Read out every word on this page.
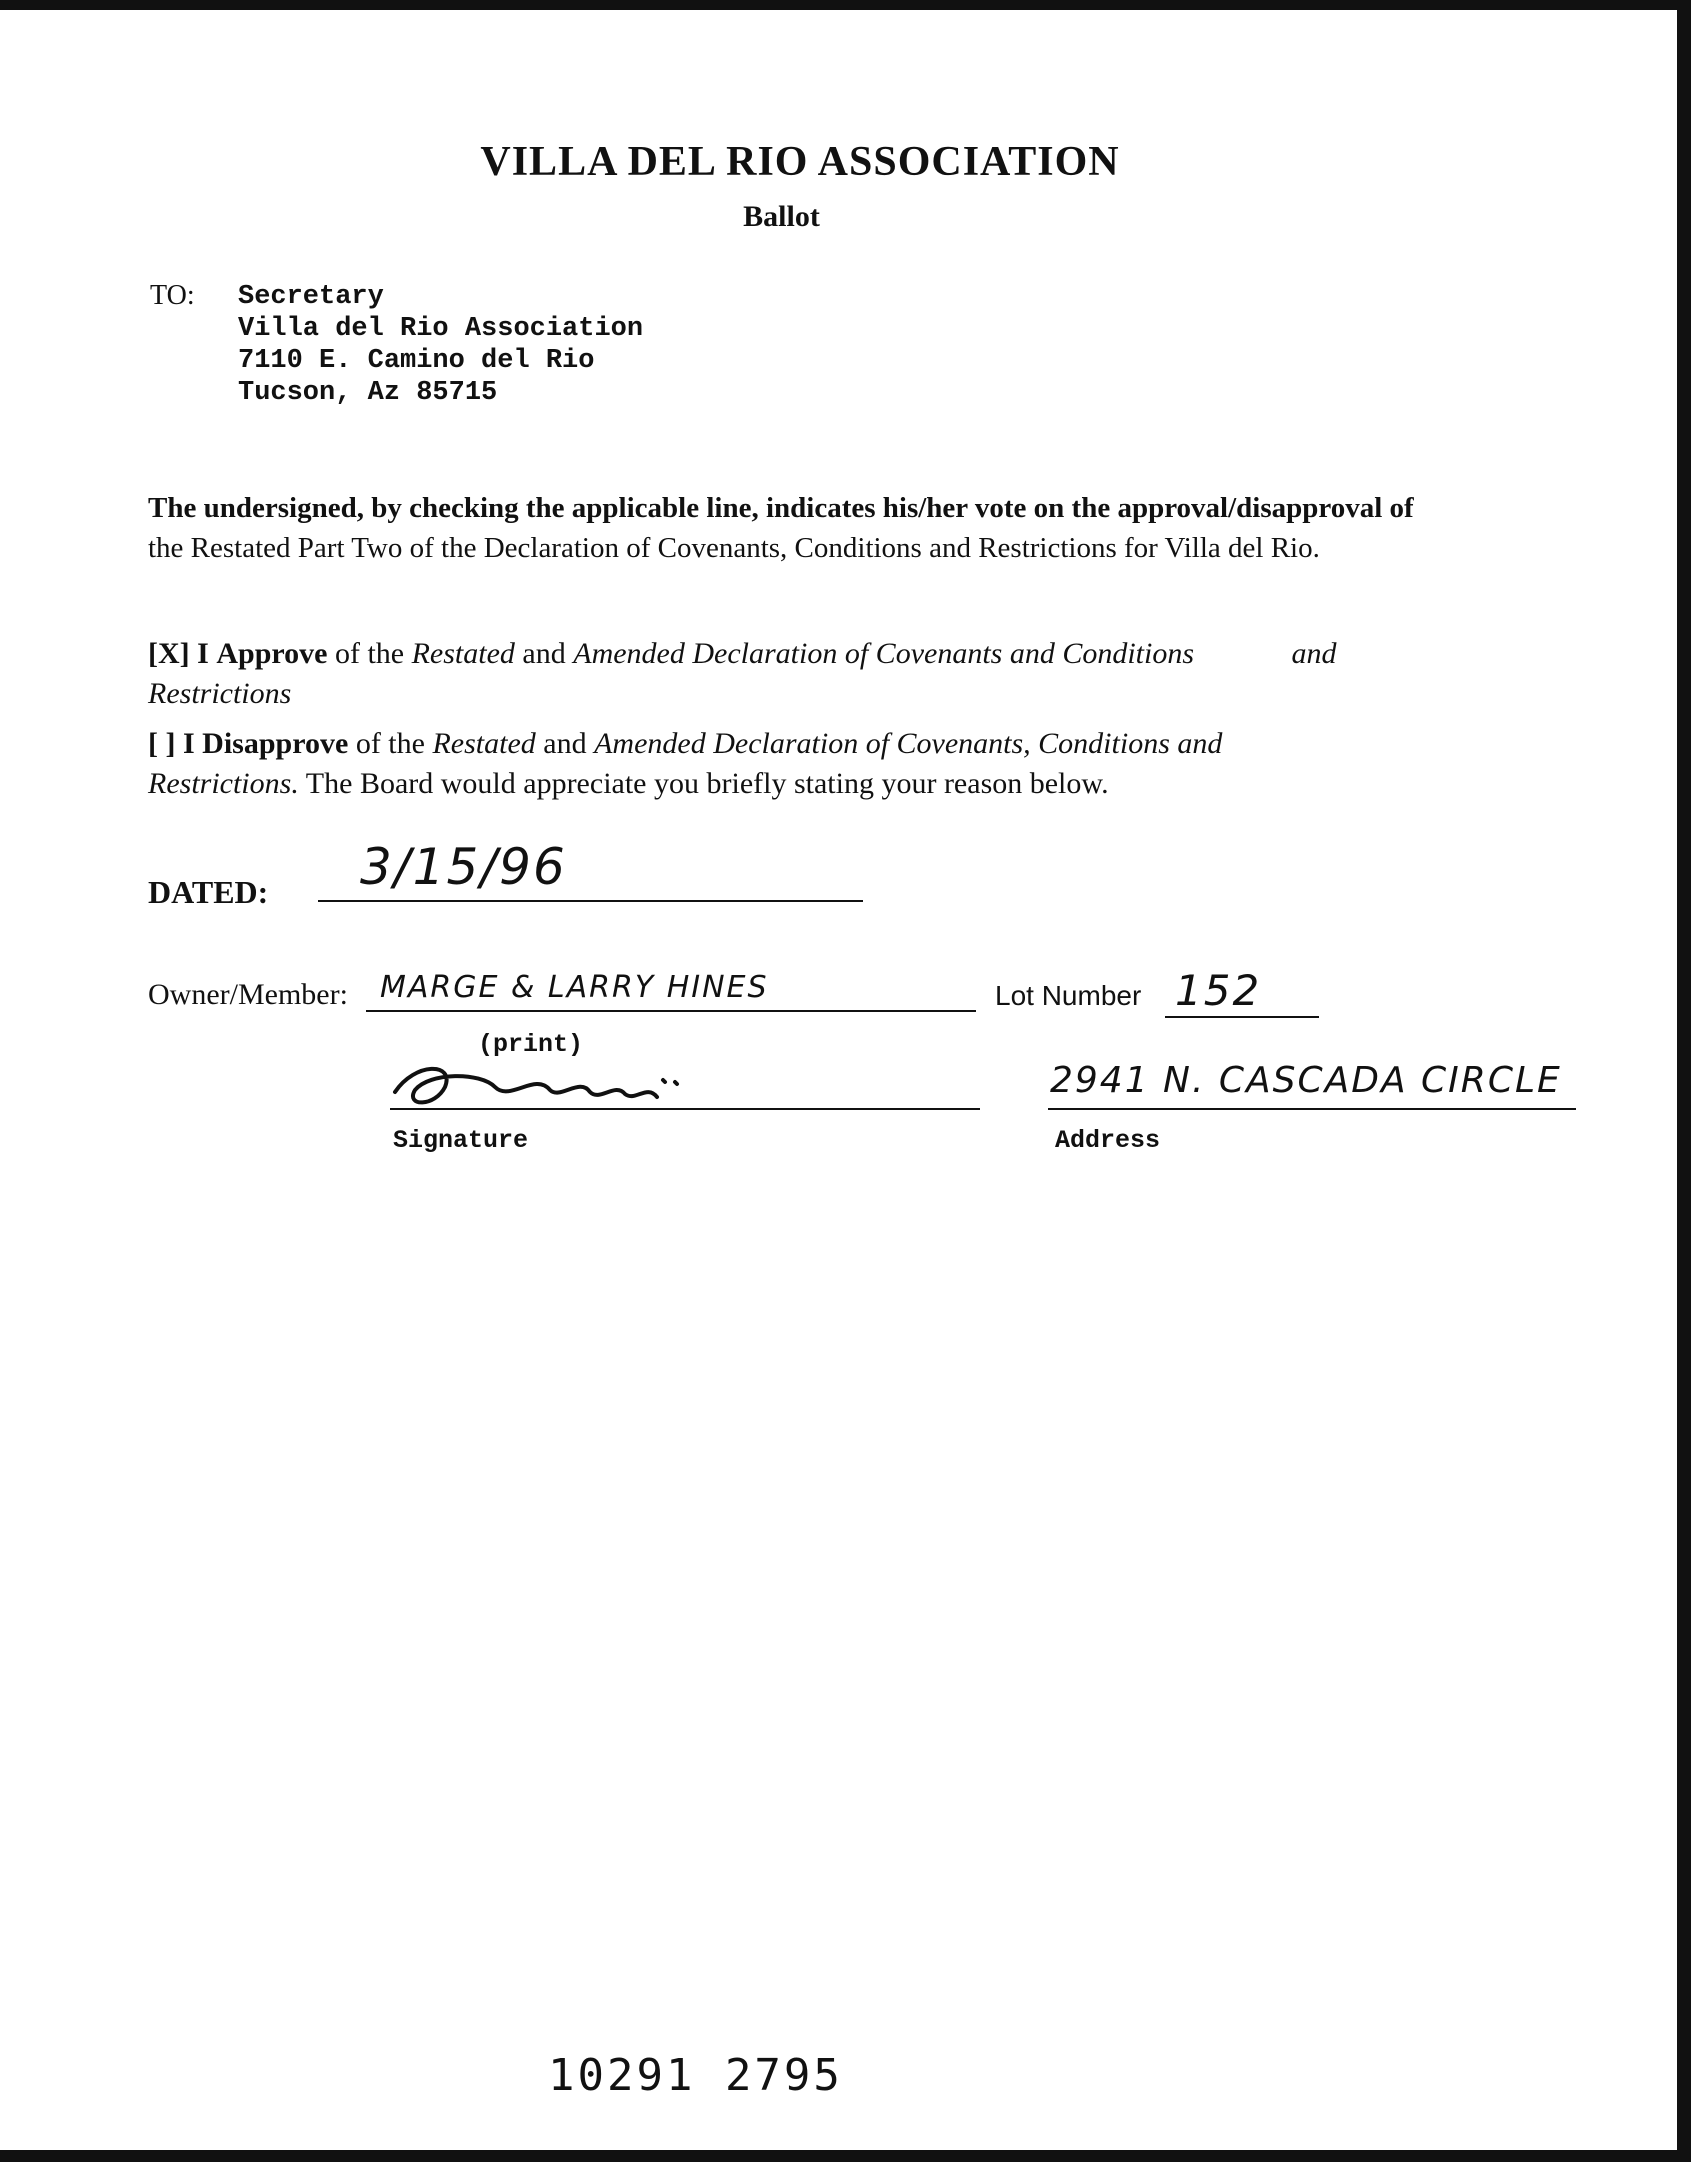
VILLA DEL RIO ASSOCIATION
Ballot
TO: Secretary
Villa del Rio Association
7110 E. Camino del Rio
Tucson, Az 85715
The undersigned, by checking the applicable line, indicates his/her vote on the approval/disapproval of
the Restated Part Two of the Declaration of Covenants, Conditions and Restrictions for Villa del Rio.
[X] I Approve of the Restated and Amended Declaration of Covenants and Conditions	and
Restrictions
[ ] I Disapprove of the Restated and Amended Declaration of Covenants, Conditions and
Restrictions. The Board would appreciate you briefly stating your reason below.
DATED: 3/15/96
Owner/Member: MARGE & LARRY HINES
(print)
Lot Number 152
Signature
2941 N. CASCADA CIRCLE
Address
10291 2795
